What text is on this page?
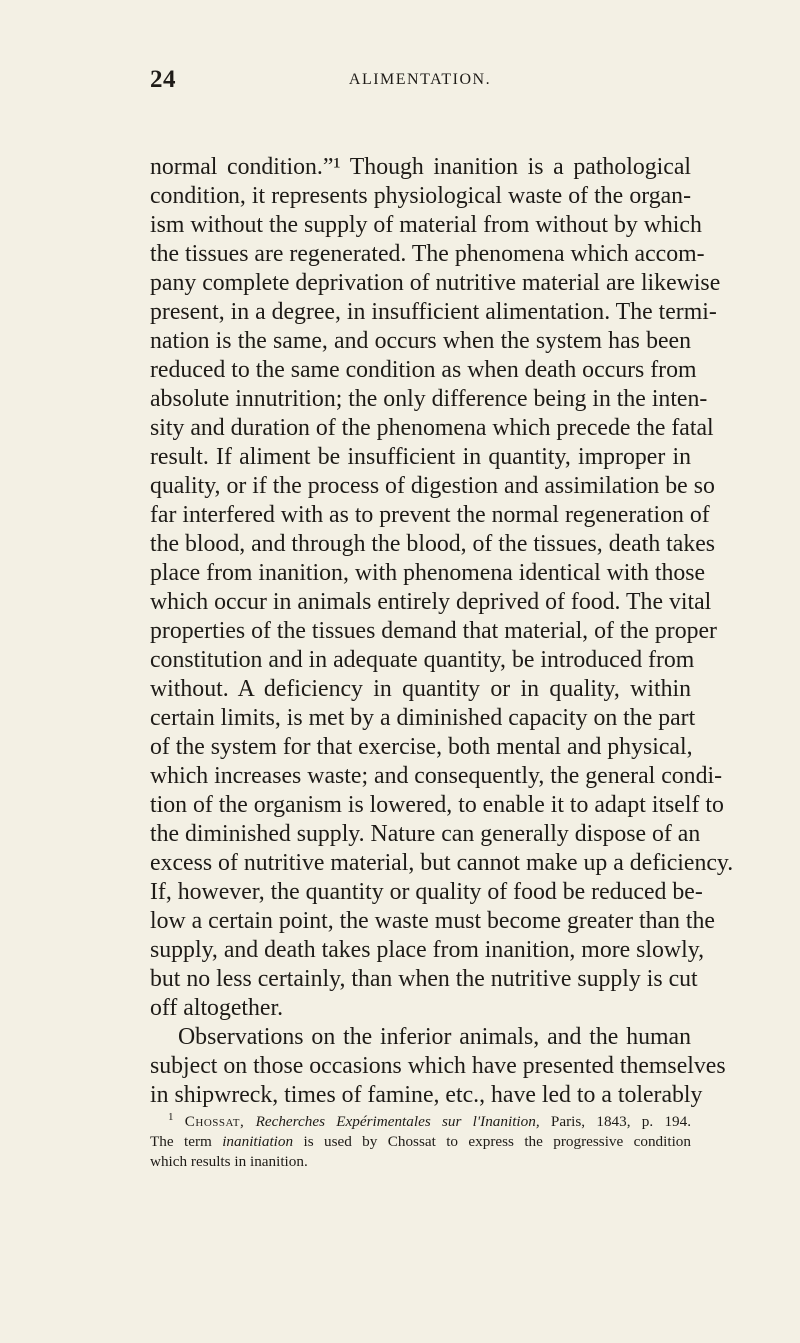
24	ALIMENTATION.
normal condition.”¹ Though inanition is a pathological
condition, it represents physiological waste of the organ-
ism without the supply of material from without by which
the tissues are regenerated. The phenomena which accom-
pany complete deprivation of nutritive material are likewise
present, in a degree, in insufficient alimentation. The termi-
nation is the same, and occurs when the system has been
reduced to the same condition as when death occurs from
absolute innutrition; the only difference being in the inten-
sity and duration of the phenomena which precede the fatal
result. If aliment be insufficient in quantity, improper in
quality, or if the process of digestion and assimilation be so
far interfered with as to prevent the normal regeneration of
the blood, and through the blood, of the tissues, death takes
place from inanition, with phenomena identical with those
which occur in animals entirely deprived of food. The vital
properties of the tissues demand that material, of the proper
constitution and in adequate quantity, be introduced from
without. A deficiency in quantity or in quality, within
certain limits, is met by a diminished capacity on the part
of the system for that exercise, both mental and physical,
which increases waste; and consequently, the general condi-
tion of the organism is lowered, to enable it to adapt itself to
the diminished supply. Nature can generally dispose of an
excess of nutritive material, but cannot make up a deficiency.
If, however, the quantity or quality of food be reduced be-
low a certain point, the waste must become greater than the
supply, and death takes place from inanition, more slowly,
but no less certainly, than when the nutritive supply is cut
off altogether.
Observations on the inferior animals, and the human
subject on those occasions which have presented themselves
in shipwreck, times of famine, etc., have led to a tolerably
$^1$ Chossat, Recherches Expérimentales sur l'Inanition, Paris, 1843, p. 194.
The term inanitiation is used by Chossat to express the progressive condition
which results in inanition.
